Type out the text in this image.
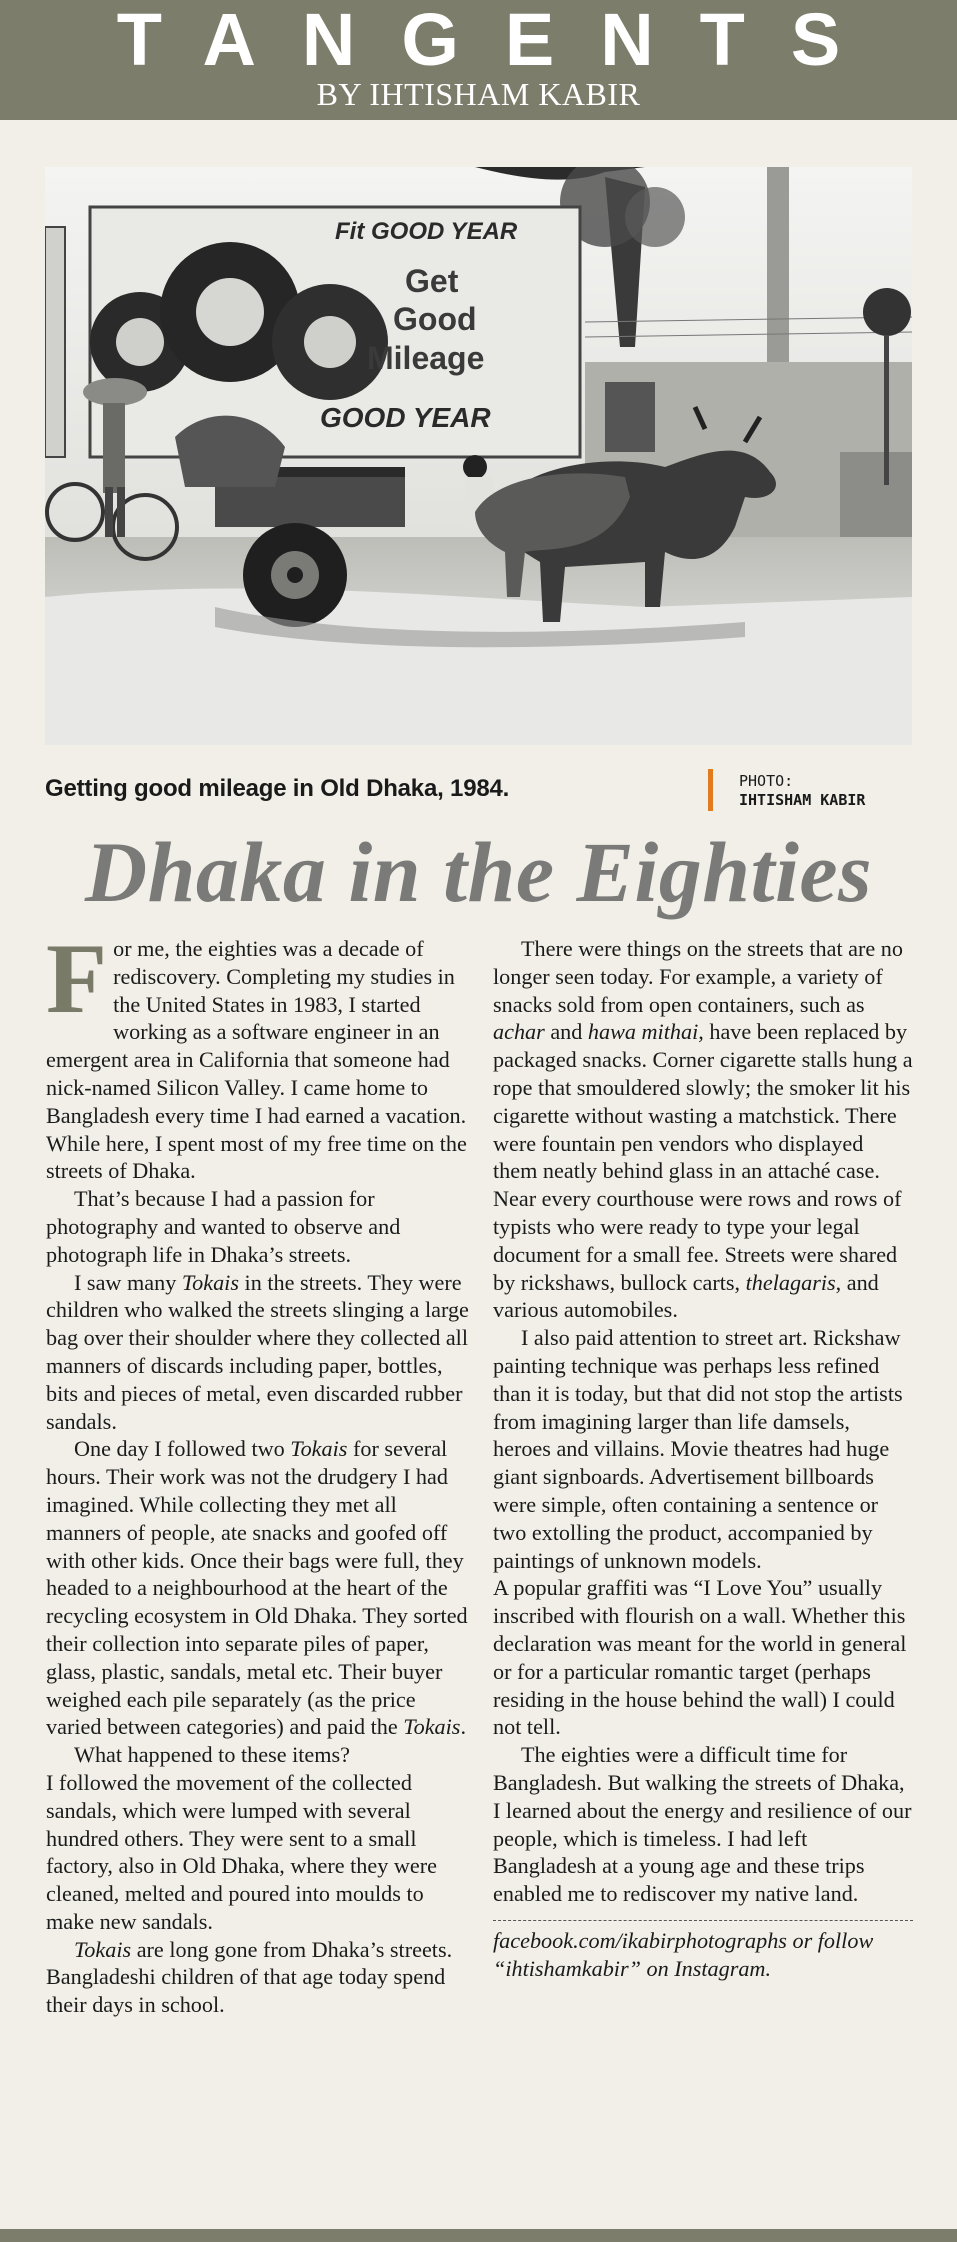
TANGENTS
BY IHTISHAM KABIR
Fit GOOD YEAR
Get
Good
Mileage
GOOD YEAR
Getting good mileage in Old Dhaka, 1984.	PHOTO:
IHTISHAM KABIR
Dhaka in the Eighties

For me, the eighties was a decade of rediscovery. Completing my studies in the United States in 1983, I started working as a software engineer in an emergent area in California that someone had nick-named Silicon Valley. I came home to Bangladesh every time I had earned a vacation. While here, I spent most of my free time on the streets of Dhaka.

That’s because I had a passion for photography and wanted to observe and photograph life in Dhaka’s streets.

I saw many Tokais in the streets. They were children who walked the streets slinging a large bag over their shoulder where they collected all manners of discards including paper, bottles, bits and pieces of metal, even discarded rubber sandals.

One day I followed two Tokais for several hours. Their work was not the drudgery I had imagined. While collecting they met all manners of people, ate snacks and goofed off with other kids. Once their bags were full, they headed to a neighbourhood at the heart of the recycling ecosystem in Old Dhaka. They sorted their collection into separate piles of paper, glass, plastic, sandals, metal etc. Their buyer weighed each pile separately (as the price varied between categories) and paid the Tokais.

What happened to these items?

I followed the movement of the collected sandals, which were lumped with several hundred others. They were sent to a small factory, also in Old Dhaka, where they were cleaned, melted and poured into moulds to make new sandals.

Tokais are long gone from Dhaka’s streets. Bangladeshi children of that age today spend their days in school.

There were things on the streets that are no longer seen today. For example, a variety of snacks sold from open containers, such as achar and hawa mithai, have been replaced by packaged snacks. Corner cigarette stalls hung a rope that smouldered slowly; the smoker lit his cigarette without wasting a matchstick. There were fountain pen vendors who displayed them neatly behind glass in an attaché case. Near every courthouse were rows and rows of typists who were ready to type your legal document for a small fee. Streets were shared by rickshaws, bullock carts, thelagaris, and various automobiles.

I also paid attention to street art. Rickshaw painting technique was perhaps less refined than it is today, but that did not stop the artists from imagining larger than life damsels, heroes and villains. Movie theatres had huge giant signboards. Advertisement billboards were simple, often containing a sentence or two extolling the product, accompanied by paintings of unknown models.

A popular graffiti was “I Love You” usually inscribed with flourish on a wall. Whether this declaration was meant for the world in general or for a particular romantic target (perhaps residing in the house behind the wall) I could not tell.

The eighties were a difficult time for Bangladesh. But walking the streets of Dhaka, I learned about the energy and resilience of our people, which is timeless. I had left Bangladesh at a young age and these trips enabled me to rediscover my native land.

facebook.com/ikabirphotographs or follow “ihtishamkabir” on Instagram.
